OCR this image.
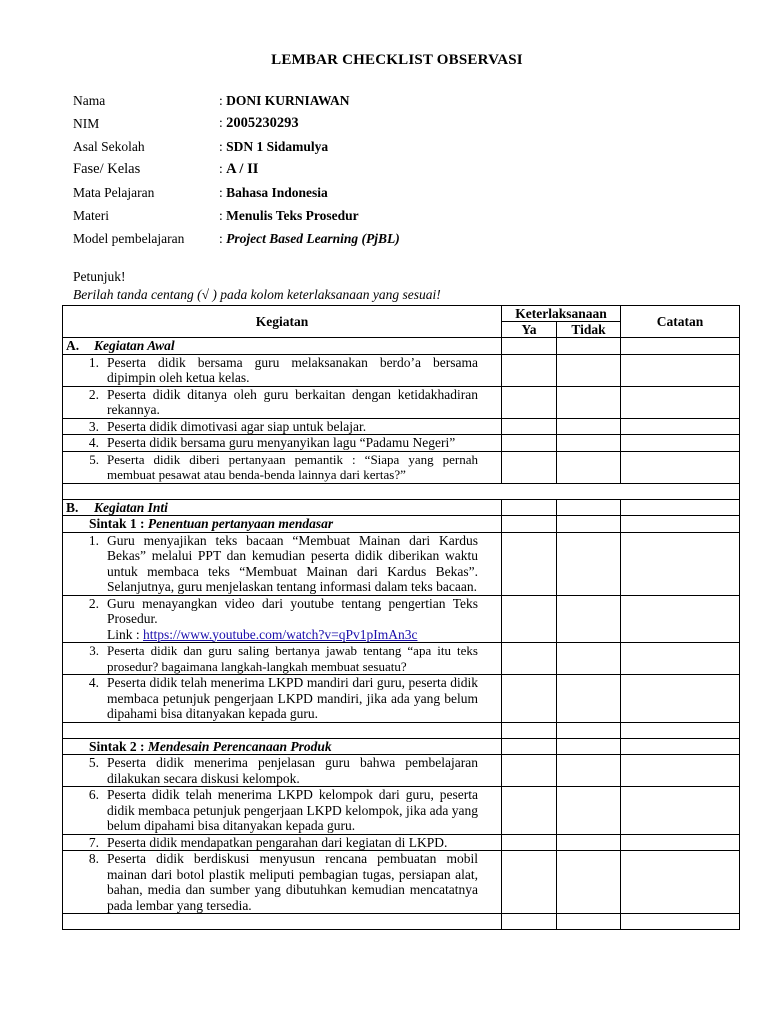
LEMBAR CHECKLIST OBSERVASI
Nama	: DONI KURNIAWAN
NIM	: 2005230293
Asal Sekolah	: SDN 1 Sidamulya
Fase/ Kelas	: A / II
Mata Pelajaran	: Bahasa Indonesia
Materi	: Menulis Teks Prosedur
Model pembelajaran	: Project Based Learning (PjBL)
Petunjuk!
Berilah tanda centang (√ ) pada kolom keterlaksanaan yang sesuai!
Kegiatan	Keterlaksanaan		Catatan
	Ya	Tidak	

A. Kegiatan Awal			

1. Peserta didik bersama guru melaksanakan berdo’a bersama dipimpin oleh ketua kelas.			

2. Peserta didik ditanya oleh guru berkaitan dengan ketidakhadiran rekannya.			

3. Peserta didik dimotivasi agar siap untuk belajar.			

4. Peserta didik bersama guru menyanyikan lagu “Padamu Negeri”			

5. Peserta didik diberi pertanyaan pemantik : “Siapa yang pernah membuat pesawat atau benda-benda lainnya dari kertas?”			

B. Kegiatan Inti			

Sintak 1 : Penentuan pertanyaan mendasar			

1. Guru menyajikan teks bacaan “Membuat Mainan dari Kardus Bekas” melalui PPT dan kemudian peserta didik diberikan waktu untuk membaca teks “Membuat Mainan dari Kardus Bekas”. Selanjutnya, guru menjelaskan tentang informasi dalam teks bacaan.			

2. Guru menayangkan video dari youtube tentang pengertian Teks Prosedur.
Link : https://www.youtube.com/watch?v=qPv1pImAn3c			

3. Peserta didik dan guru saling bertanya jawab tentang “apa itu teks prosedur? bagaimana langkah-langkah membuat sesuatu?			

4. Peserta didik telah menerima LKPD mandiri dari guru, peserta didik membaca petunjuk pengerjaan LKPD mandiri, jika ada yang belum dipahami bisa ditanyakan kepada guru.			

Sintak 2 : Mendesain Perencanaan Produk			

5. Peserta didik menerima penjelasan guru bahwa pembelajaran dilakukan secara diskusi kelompok.			

6. Peserta didik telah menerima LKPD kelompok dari guru, peserta didik membaca petunjuk pengerjaan LKPD kelompok, jika ada yang belum dipahami bisa ditanyakan kepada guru.			

7. Peserta didik mendapatkan pengarahan dari kegiatan di LKPD.			

8. Peserta didik berdiskusi menyusun rencana pembuatan mobil mainan dari botol plastik meliputi pembagian tugas, persiapan alat, bahan, media dan sumber yang dibutuhkan kemudian mencatatnya pada lembar yang tersedia.			
